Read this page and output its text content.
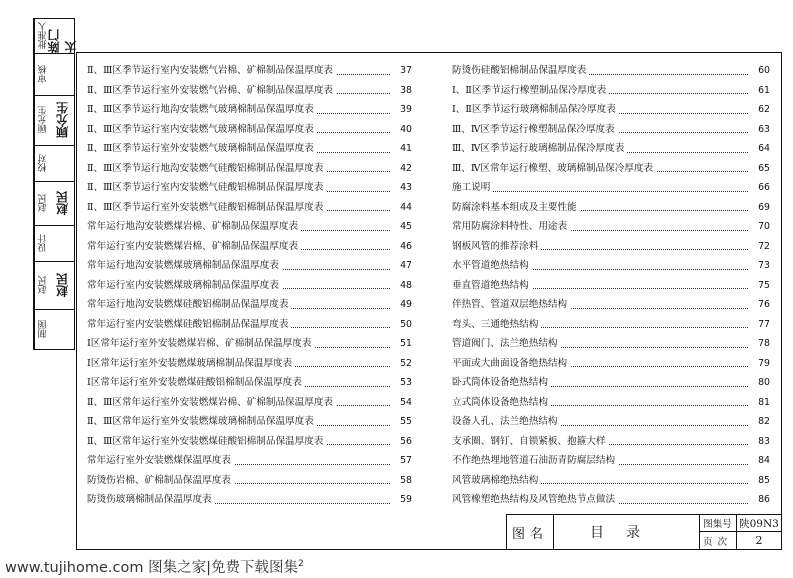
批准人
陈门太
审核
顾允生 顾允生
校对
赵民 赵民
设计
赵民 赵民
制图
Ⅱ、Ⅲ区季节运行室内安装燃气岩棉、矿棉制品保温厚度表	37
Ⅱ、Ⅲ区季节运行室外安装燃气岩棉、矿棉制品保温厚度表	38
Ⅱ、Ⅲ区季节运行地沟安装燃气玻璃棉制品保温厚度表	39
Ⅱ、Ⅲ区季节运行室内安装燃气玻璃棉制品保温厚度表	40
Ⅱ、Ⅲ区季节运行室外安装燃气玻璃棉制品保温厚度表	41
Ⅱ、Ⅲ区季节运行地沟安装燃气硅酸铝棉制品保温厚度表	42
Ⅱ、Ⅲ区季节运行室内安装燃气硅酸铝棉制品保温厚度表	43
Ⅱ、Ⅲ区季节运行室外安装燃气硅酸铝棉制品保温厚度表	44
常年运行地沟安装燃煤岩棉、矿棉制品保温厚度表	45
常年运行室内安装燃煤岩棉、矿棉制品保温厚度表	46
常年运行地沟安装燃煤玻璃棉制品保温厚度表	47
常年运行室内安装燃煤玻璃棉制品保温厚度表	48
常年运行地沟安装燃煤硅酸铝棉制品保温厚度表	49
常年运行室内安装燃煤硅酸铝棉制品保温厚度表	50
Ⅰ区常年运行室外安装燃煤岩棉、矿棉制品保温厚度表	51
Ⅰ区常年运行室外安装燃煤玻璃棉制品保温厚度表	52
Ⅰ区常年运行室外安装燃煤硅酸铝棉制品保温厚度表	53
Ⅱ、Ⅲ区常年运行室外安装燃煤岩棉、矿棉制品保温厚度表	54
Ⅱ、Ⅲ区常年运行室外安装燃煤玻璃棉制品保温厚度表	55
Ⅱ、Ⅲ区常年运行室外安装燃煤硅酸铝棉制品保温厚度表	56
常年运行室外安装燃煤保温厚度表	57
防烫伤岩棉、矿棉制品保温厚度表	58
防烫伤玻璃棉制品保温厚度表	59
防烫伤硅酸铝棉制品保温厚度表	60
Ⅰ、Ⅱ区季节运行橡塑制品保冷厚度表	61
Ⅰ、Ⅱ区季节运行玻璃棉制品保冷厚度表	62
Ⅲ、Ⅳ区季节运行橡塑制品保冷厚度表	63
Ⅲ、Ⅳ区季节运行玻璃棉制品保冷厚度表	64
Ⅲ、Ⅳ区常年运行橡塑、玻璃棉制品保冷厚度表	65
施工说明	66
防腐涂料基本组成及主要性能	69
常用防腐涂料特性、用途表	70
钢板风管的推荐涂料	72
水平管道绝热结构	73
垂直管道绝热结构	75
伴热管、管道双层绝热结构	76
弯头、三通绝热结构	77
管道阀门、法兰绝热结构	78
平面或大曲面设备绝热结构	79
卧式筒体设备绝热结构	80
立式筒体设备绝热结构	81
设备人孔、法兰绝热结构	82
支承圈、钢钉、自锁紧板、抱箍大样	83
不作绝热埋地管道石油沥青防腐层结构	84
风管玻璃棉绝热结构	85
风管橡塑绝热结构及风管绝热节点做法	86
图名	目录
图集号 陕09N3
页次	2
www.tujihome.com 图集之家|免费下载图集$^2$
